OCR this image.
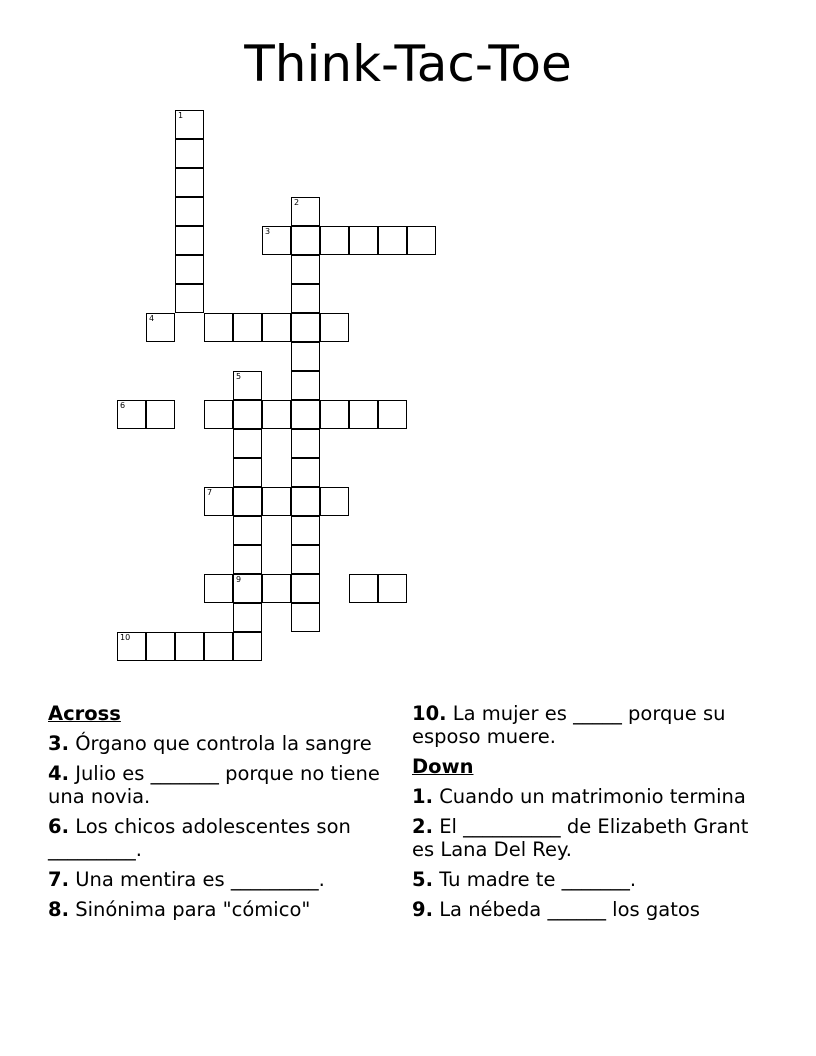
Think-Tac-Toe
1
2
3
4
5
9
6
7
10
Across
3. Órgano que controla la sangre
4. Julio es _______ porque no tiene una novia.
6. Los chicos adolescentes son _________.
7. Una mentira es _________.
8. Sinónima para "cómico"
10. La mujer es _____ porque su esposo muere.
Down
1. Cuando un matrimonio termina
2. El __________ de Elizabeth Grant es Lana Del Rey.
5. Tu madre te _______.
9. La nébeda ______ los gatos
